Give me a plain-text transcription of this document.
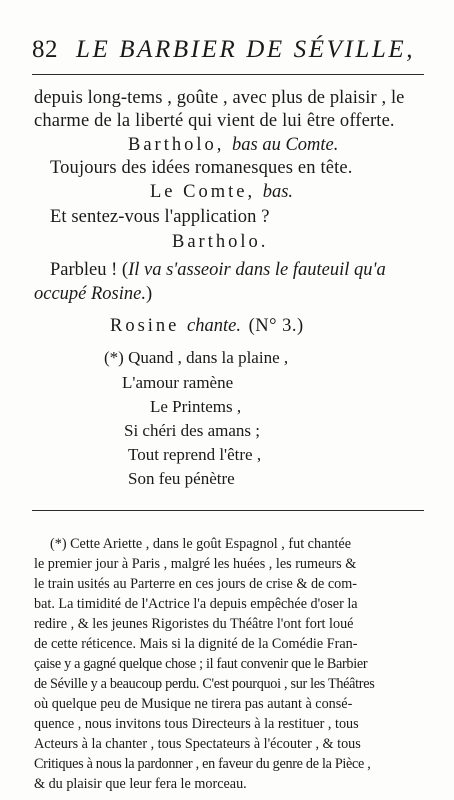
82 LE BARBIER DE SÉVILLE,
depuis long-tems , goûte , avec plus de plaisir , le
charme de la liberté qui vient de lui être offerte.
Bartholo, bas au Comte.
Toujours des idées romanesques en tête.
Le Comte, bas.
Et sentez-vous l'application ?
Bartholo.
Parbleu ! (Il va s'asseoir dans le fauteuil qu'a
occupé Rosine.)
Rosine chante. (N° 3.)
(*) Quand , dans la plaine ,
L'amour ramène
Le Printems ,
Si chéri des amans ;
Tout reprend l'être ,
Son feu pénètre
(*) Cette Ariette , dans le goût Espagnol , fut chantée
le premier jour à Paris , malgré les huées , les rumeurs &
le train usités au Parterre en ces jours de crise & de com-
bat. La timidité de l'Actrice l'a depuis empêchée d'oser la
redire , & les jeunes Rigoristes du Théâtre l'ont fort loué
de cette réticence. Mais si la dignité de la Comédie Fran-
çaise y a gagné quelque chose ; il faut convenir que le Barbier
de Séville y a beaucoup perdu. C'est pourquoi , sur les Théâtres
où quelque peu de Musique ne tirera pas autant à consé-
quence , nous invitons tous Directeurs à la restituer , tous
Acteurs à la chanter , tous Spectateurs à l'écouter , & tous
Critiques à nous la pardonner , en faveur du genre de la Pièce ,
& du plaisir que leur fera le morceau.
